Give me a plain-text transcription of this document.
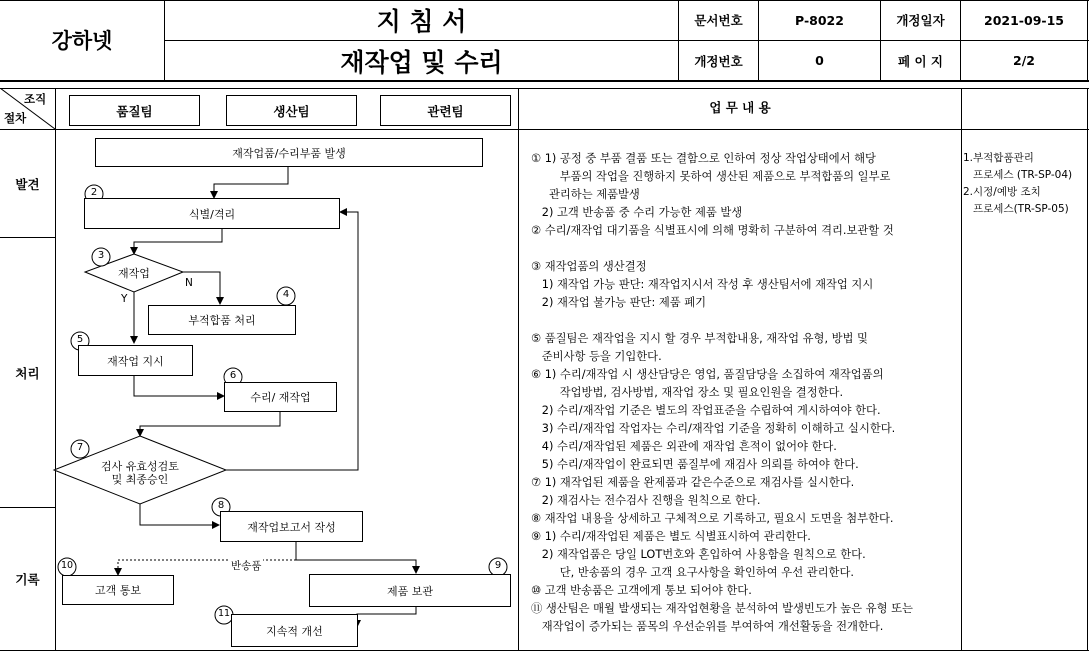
강하넷
지 침 서
재작업 및 수리
문서번호	P-8022	개정일자	2021-09-15
개정번호	0	페 이 지	2/2
조직
절차	품질팀	생산팀	관련팀	업 무 내 용
발견
처리
기록
2
3
4
5
6
7
8
9
10
11
재작업품/수리부품 발생
식별/격리
재작업
Y
N
부적합품 처리
재작업 지시
수리/ 재작업
검사 유효성검토
및 최종승인
재작업보고서 작성
반송품
고객 통보	제품 보관
지속적 개선
① 1) 공정 중 부품 결품 또는 결함으로 인하여 정상 작업상태에서 해당
부품의 작업을 진행하지 못하여 생산된 제품으로 부적합품의 일부로
관리하는 제품발생
2) 고객 반송품 중 수리 가능한 제품 발생
② 수리/재작업 대기품을 식별표시에 의해 명확히 구분하여 격리.보관할 것
③ 재작업품의 생산결정
1) 재작업 가능 판단: 재작업지시서 작성 후 생산팀서에 재작업 지시
2) 재작업 불가능 판단: 제품 폐기
⑤ 품질팀은 재작업을 지시 할 경우 부적합내용, 재작업 유형, 방법 및
준비사항 등을 기입한다.
⑥ 1) 수리/재작업 시 생산담당은 영업, 품질담당을 소집하여 재작업품의
작업방법, 검사방법, 재작업 장소 및 필요인원을 결정한다.
2) 수리/재작업 기준은 별도의 작업표준을 수립하여 게시하여야 한다.
3) 수리/재작업 작업자는 수리/재작업 기준을 정확히 이해하고 실시한다.
4) 수리/재작업된 제품은 외관에 재작업 흔적이 없어야 한다.
5) 수리/재작업이 완료되면 품질부에 재검사 의뢰를 하여야 한다.
⑦ 1) 재작업된 제품을 완제품과 같은수준으로 재검사를 실시한다.
2) 재검사는 전수검사 진행을 원칙으로 한다.
⑧ 재작업 내용을 상세하고 구체적으로 기록하고, 필요시 도면을 첨부한다.
⑨ 1) 수리/재작업된 제품은 별도 식별표시하여 관리한다.
2) 재작업품은 당일 LOT번호와 혼입하여 사용함을 원칙으로 한다.
단, 반송품의 경우 고객 요구사항을 확인하여 우선 관리한다.
⑩ 고객 반송품은 고객에게 통보 되어야 한다.
⑪ 생산팀은 매월 발생되는 재작업현황을 분석하여 발생빈도가 높은 유형 또는
재작업이 증가되는 품목의 우선순위를 부여하여 개선활동을 전개한다.
1.부적합품관리
프로세스 (TR-SP-04)
2.시정/예방 조치
프로세스(TR-SP-05)
